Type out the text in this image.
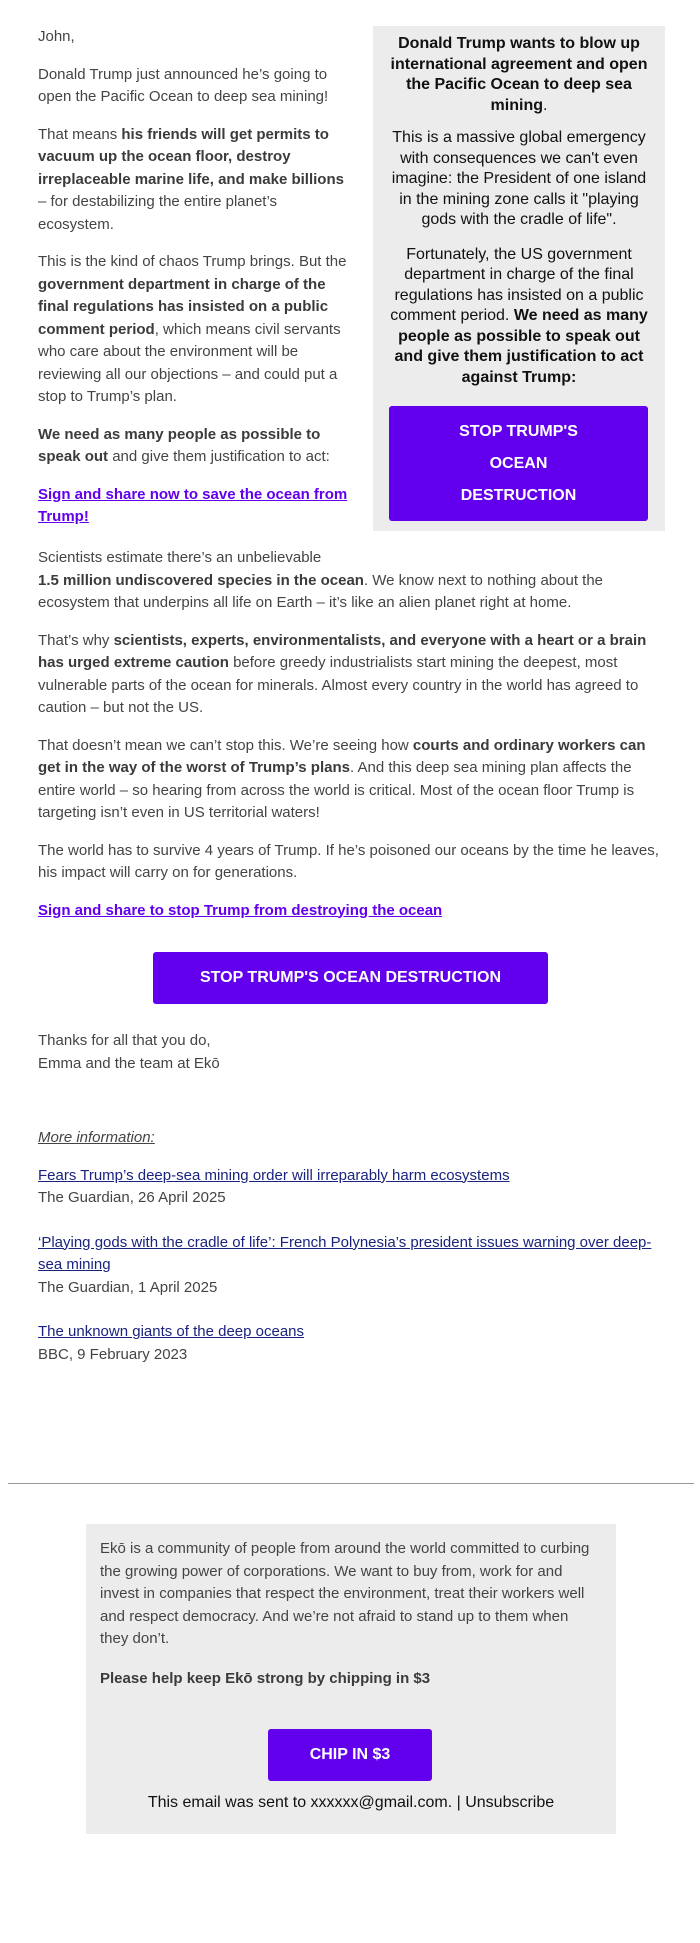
Donald Trump wants to blow up international agreement and open the Pacific Ocean to deep sea mining.

This is a massive global emergency with consequences we can't even imagine: the President of one island in the mining zone calls it "playing gods with the cradle of life".

Fortunately, the US government department in charge of the final regulations has insisted on a public comment period. We need as many people as possible to speak out and give them justification to act against Trump:

STOP TRUMP'S
OCEAN
DESTRUCTION

John,

Donald Trump just announced he’s going to open the Pacific Ocean to deep sea mining!

That means his friends will get permits to vacuum up the ocean floor, destroy irreplaceable marine life, and make billions – for destabilizing the entire planet’s ecosystem.

This is the kind of chaos Trump brings. But the government department in charge of the final regulations has insisted on a public comment period, which means civil servants who care about the environment will be reviewing all our objections – and could put a stop to Trump’s plan.

We need as many people as possible to speak out and give them justification to act:

Sign and share now to save the ocean from Trump!

Scientists estimate there’s an unbelievable
1.5 million undiscovered species in the ocean. We know next to nothing about the ecosystem that underpins all life on Earth – it’s like an alien planet right at home.

That’s why scientists, experts, environmentalists, and everyone with a heart or a brain has urged extreme caution before greedy industrialists start mining the deepest, most vulnerable parts of the ocean for minerals. Almost every country in the world has agreed to caution – but not the US.

That doesn’t mean we can’t stop this. We’re seeing how courts and ordinary workers can get in the way of the worst of Trump’s plans. And this deep sea mining plan affects the entire world – so hearing from across the world is critical. Most of the ocean floor Trump is targeting isn’t even in US territorial waters!

The world has to survive 4 years of Trump. If he’s poisoned our oceans by the time he leaves, his impact will carry on for generations.

Sign and share to stop Trump from destroying the ocean

STOP TRUMP'S OCEAN DESTRUCTION

Thanks for all that you do,

Emma and the team at Ekō

More information:

Fears Trump’s deep-sea mining order will irreparably harm ecosystems

The Guardian, 26 April 2025

‘Playing gods with the cradle of life’: French Polynesia’s president issues warning over deep-sea mining

The Guardian, 1 April 2025

The unknown giants of the deep oceans

BBC, 9 February 2023

Ekō is a community of people from around the world committed to curbing the growing power of corporations. We want to buy from, work for and invest in companies that respect the environment, treat their workers well and respect democracy. And we’re not afraid to stand up to them when they don’t.

Please help keep Ekō strong by chipping in $3

CHIP IN $3

This email was sent to xxxxxx@gmail.com. | Unsubscribe
